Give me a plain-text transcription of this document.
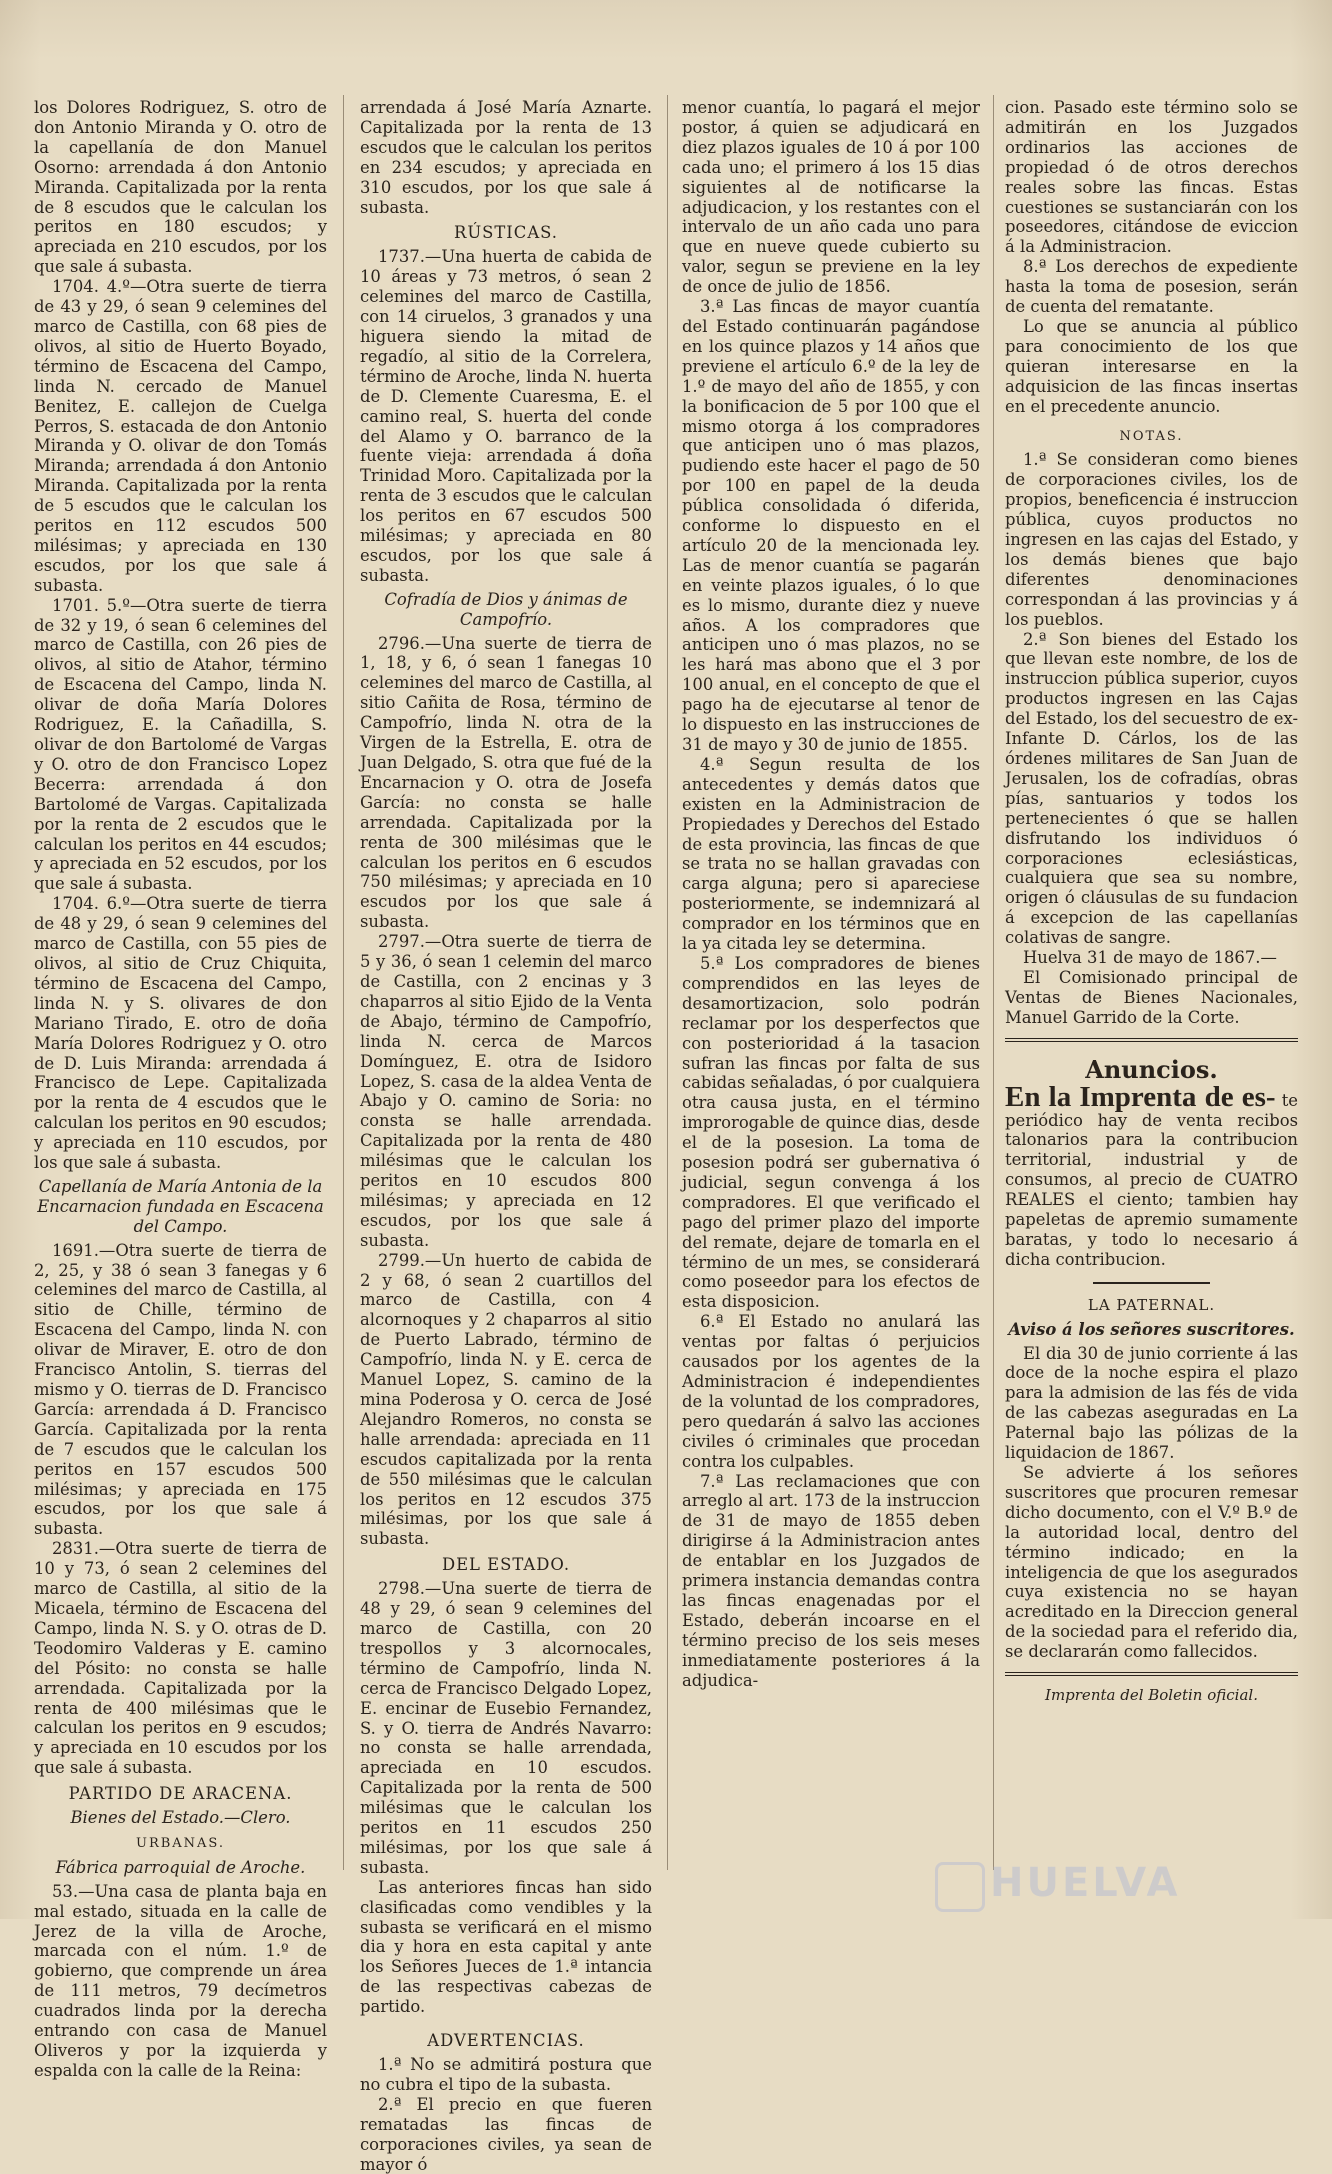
los Dolores Rodriguez, S. otro de don Antonio Miranda y O. otro de la capellanía de don Manuel Osorno: arrendada á don Antonio Miranda. Capitalizada por la renta de 8 escudos que le calculan los peritos en 180 escudos; y apreciada en 210 escudos, por los que sale á subasta.

1704. 4.º—Otra suerte de tierra de 43 y 29, ó sean 9 celemines del marco de Castilla, con 68 pies de olivos, al sitio de Huerto Boyado, término de Escacena del Campo, linda N. cercado de Manuel Benitez, E. callejon de Cuelga Perros, S. estacada de don Antonio Miranda y O. olivar de don Tomás Miranda; arrendada á don Antonio Miranda. Capitalizada por la renta de 5 escudos que le calculan los peritos en 112 escudos 500 milésimas; y apreciada en 130 escudos, por los que sale á subasta.

1701. 5.º—Otra suerte de tierra de 32 y 19, ó sean 6 celemines del marco de Castilla, con 26 pies de olivos, al sitio de Atahor, término de Escacena del Campo, linda N. olivar de doña María Dolores Rodriguez, E. la Cañadilla, S. olivar de don Bartolomé de Vargas y O. otro de don Francisco Lopez Becerra: arrendada á don Bartolomé de Vargas. Capitalizada por la renta de 2 escudos que le calculan los peritos en 44 escudos; y apreciada en 52 escudos, por los que sale á subasta.

1704. 6.º—Otra suerte de tierra de 48 y 29, ó sean 9 celemines del marco de Castilla, con 55 pies de olivos, al sitio de Cruz Chiquita, término de Escacena del Campo, linda N. y S. olivares de don Mariano Tirado, E. otro de doña María Dolores Rodriguez y O. otro de D. Luis Miranda: arrendada á Francisco de Lepe. Capitalizada por la renta de 4 escudos que le calculan los peritos en 90 escudos; y apreciada en 110 escudos, por los que sale á subasta.

Capellanía de María Antonia de la Encarnacion fundada en Escacena del Campo.

1691.—Otra suerte de tierra de 2, 25, y 38 ó sean 3 fanegas y 6 celemines del marco de Castilla, al sitio de Chille, término de Escacena del Campo, linda N. con olivar de Miraver, E. otro de don Francisco Antolin, S. tierras del mismo y O. tierras de D. Francisco García: arrendada á D. Francisco García. Capitalizada por la renta de 7 escudos que le calculan los peritos en 157 escudos 500 milésimas; y apreciada en 175 escudos, por los que sale á subasta.

2831.—Otra suerte de tierra de 10 y 73, ó sean 2 celemines del marco de Castilla, al sitio de la Micaela, término de Escacena del Campo, linda N. S. y O. otras de D. Teodomiro Valderas y E. camino del Pósito: no consta se halle arrendada. Capitalizada por la renta de 400 milésimas que le calculan los peritos en 9 escudos; y apreciada en 10 escudos por los que sale á subasta.

PARTIDO DE ARACENA.

Bienes del Estado.—Clero.

URBANAS.

Fábrica parroquial de Aroche.

53.—Una casa de planta baja en mal estado, situada en la calle de Jerez de la villa de Aroche, marcada con el núm. 1.º de gobierno, que comprende un área de 111 metros, 79 decímetros cuadrados linda por la derecha entrando con casa de Manuel Oliveros y por la izquierda y espalda con la calle de la Reina:

arrendada á José María Aznarte. Capitalizada por la renta de 13 escudos que le calculan los peritos en 234 escudos; y apreciada en 310 escudos, por los que sale á subasta.

RÚSTICAS.

1737.—Una huerta de cabida de 10 áreas y 73 metros, ó sean 2 celemines del marco de Castilla, con 14 ciruelos, 3 granados y una higuera siendo la mitad de regadío, al sitio de la Correlera, término de Aroche, linda N. huerta de D. Clemente Cuaresma, E. el camino real, S. huerta del conde del Alamo y O. barranco de la fuente vieja: arrendada á doña Trinidad Moro. Capitalizada por la renta de 3 escudos que le calculan los peritos en 67 escudos 500 milésimas; y apreciada en 80 escudos, por los que sale á subasta.

Cofradía de Dios y ánimas de Campofrío.

2796.—Una suerte de tierra de 1, 18, y 6, ó sean 1 fanegas 10 celemines del marco de Castilla, al sitio Cañita de Rosa, término de Campofrío, linda N. otra de la Virgen de la Estrella, E. otra de Juan Delgado, S. otra que fué de la Encarnacion y O. otra de Josefa García: no consta se halle arrendada. Capitalizada por la renta de 300 milésimas que le calculan los peritos en 6 escudos 750 milésimas; y apreciada en 10 escudos por los que sale á subasta.

2797.—Otra suerte de tierra de 5 y 36, ó sean 1 celemin del marco de Castilla, con 2 encinas y 3 chaparros al sitio Ejido de la Venta de Abajo, término de Campofrío, linda N. cerca de Marcos Domínguez, E. otra de Isidoro Lopez, S. casa de la aldea Venta de Abajo y O. camino de Soria: no consta se halle arrendada. Capitalizada por la renta de 480 milésimas que le calculan los peritos en 10 escudos 800 milésimas; y apreciada en 12 escudos, por los que sale á subasta.

2799.—Un huerto de cabida de 2 y 68, ó sean 2 cuartillos del marco de Castilla, con 4 alcornoques y 2 chaparros al sitio de Puerto Labrado, término de Campofrío, linda N. y E. cerca de Manuel Lopez, S. camino de la mina Poderosa y O. cerca de José Alejandro Romeros, no consta se halle arrendada: apreciada en 11 escudos capitalizada por la renta de 550 milésimas que le calculan los peritos en 12 escudos 375 milésimas, por los que sale á subasta.

DEL ESTADO.

2798.—Una suerte de tierra de 48 y 29, ó sean 9 celemines del marco de Castilla, con 20 trespollos y 3 alcornocales, término de Campofrío, linda N. cerca de Francisco Delgado Lopez, E. encinar de Eusebio Fernandez, S. y O. tierra de Andrés Navarro: no consta se halle arrendada, apreciada en 10 escudos. Capitalizada por la renta de 500 milésimas que le calculan los peritos en 11 escudos 250 milésimas, por los que sale á subasta.

Las anteriores fincas han sido clasificadas como vendibles y la subasta se verificará en el mismo dia y hora en esta capital y ante los Señores Jueces de 1.ª intancia de las respectivas cabezas de partido.

ADVERTENCIAS.

1.ª No se admitirá postura que no cubra el tipo de la subasta.

2.ª El precio en que fueren rematadas las fincas de corporaciones civiles, ya sean de mayor ó

menor cuantía, lo pagará el mejor postor, á quien se adjudicará en diez plazos iguales de 10 á por 100 cada uno; el primero á los 15 dias siguientes al de notificarse la adjudicacion, y los restantes con el intervalo de un año cada uno para que en nueve quede cubierto su valor, segun se previene en la ley de once de julio de 1856.

3.ª Las fincas de mayor cuantía del Estado continuarán pagándose en los quince plazos y 14 años que previene el artículo 6.º de la ley de 1.º de mayo del año de 1855, y con la bonificacion de 5 por 100 que el mismo otorga á los compradores que anticipen uno ó mas plazos, pudiendo este hacer el pago de 50 por 100 en papel de la deuda pública consolidada ó diferida, conforme lo dispuesto en el artículo 20 de la mencionada ley. Las de menor cuantía se pagarán en veinte plazos iguales, ó lo que es lo mismo, durante diez y nueve años. A los compradores que anticipen uno ó mas plazos, no se les hará mas abono que el 3 por 100 anual, en el concepto de que el pago ha de ejecutarse al tenor de lo dispuesto en las instrucciones de 31 de mayo y 30 de junio de 1855.

4.ª Segun resulta de los antecedentes y demás datos que existen en la Administracion de Propiedades y Derechos del Estado de esta provincia, las fincas de que se trata no se hallan gravadas con carga alguna; pero si apareciese posteriormente, se indemnizará al comprador en los términos que en la ya citada ley se determina.

5.ª Los compradores de bienes comprendidos en las leyes de desamortizacion, solo podrán reclamar por los desperfectos que con posterioridad á la tasacion sufran las fincas por falta de sus cabidas señaladas, ó por cualquiera otra causa justa, en el término improrogable de quince dias, desde el de la posesion. La toma de posesion podrá ser gubernativa ó judicial, segun convenga á los compradores. El que verificado el pago del primer plazo del importe del remate, dejare de tomarla en el término de un mes, se considerará como poseedor para los efectos de esta disposicion.

6.ª El Estado no anulará las ventas por faltas ó perjuicios causados por los agentes de la Administracion é independientes de la voluntad de los compradores, pero quedarán á salvo las acciones civiles ó criminales que procedan contra los culpables.

7.ª Las reclamaciones que con arreglo al art. 173 de la instruccion de 31 de mayo de 1855 deben dirigirse á la Administracion antes de entablar en los Juzgados de primera instancia demandas contra las fincas enagenadas por el Estado, deberán incoarse en el término preciso de los seis meses inmediatamente posteriores á la adjudica-

cion. Pasado este término solo se admitirán en los Juzgados ordinarios las acciones de propiedad ó de otros derechos reales sobre las fincas. Estas cuestiones se sustanciarán con los poseedores, citándose de eviccion á la Administracion.

8.ª Los derechos de expediente hasta la toma de posesion, serán de cuenta del rematante.

Lo que se anuncia al público para conocimiento de los que quieran interesarse en la adquisicion de las fincas insertas en el precedente anuncio.

NOTAS.

1.ª Se consideran como bienes de corporaciones civiles, los de propios, beneficencia é instruccion pública, cuyos productos no ingresen en las cajas del Estado, y los demás bienes que bajo diferentes denominaciones correspondan á las provincias y á los pueblos.

2.ª Son bienes del Estado los que llevan este nombre, de los de instruccion pública superior, cuyos productos ingresen en las Cajas del Estado, los del secuestro de ex-Infante D. Cárlos, los de las órdenes militares de San Juan de Jerusalen, los de cofradías, obras pías, santuarios y todos los pertenecientes ó que se hallen disfrutando los individuos ó corporaciones eclesiásticas, cualquiera que sea su nombre, origen ó cláusulas de su fundacion á excepcion de las capellanías colativas de sangre.

Huelva 31 de mayo de 1867.—

El Comisionado principal de Ventas de Bienes Nacionales, Manuel Garrido de la Corte.

Anuncios.

En la Imprenta de es- te periódico hay de venta recibos talonarios para la contribucion territorial, industrial y de consumos, al precio de CUATRO REALES el ciento; tambien hay papeletas de apremio sumamente baratas, y todo lo necesario á dicha contribucion.

LA PATERNAL.

Aviso á los señores suscritores.

El dia 30 de junio corriente á las doce de la noche espira el plazo para la admision de las fés de vida de las cabezas aseguradas en La Paternal bajo las pólizas de la liquidacion de 1867.

Se advierte á los señores suscritores que procuren remesar dicho documento, con el V.º B.º de la autoridad local, dentro del término indicado; en la inteligencia de que los asegurados cuya existencia no se hayan acreditado en la Direccion general de la sociedad para el referido dia, se declararán como fallecidos.

Imprenta del Boletin oficial.

HUELVA
